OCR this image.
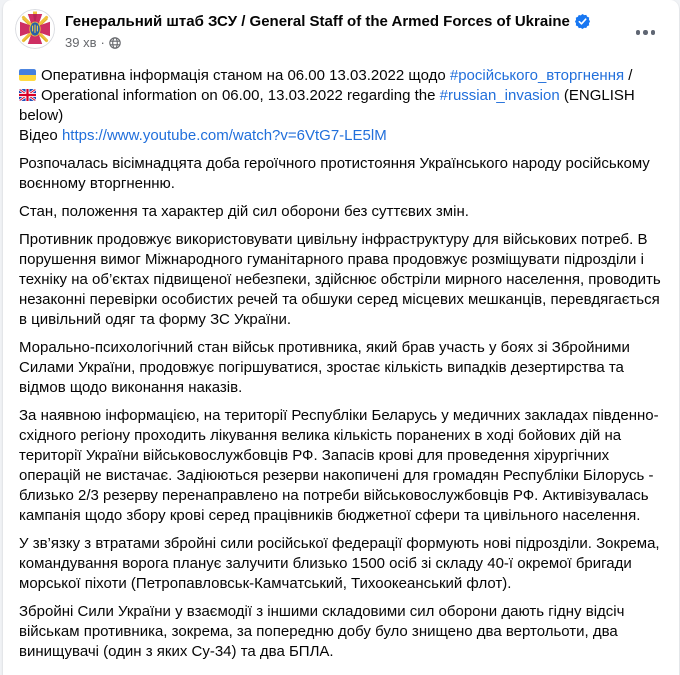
Генеральний штаб ЗСУ / General Staff of the Armed Forces of Ukraine
39 хв ·

Оперативна інформація станом на 06.00 13.03.2022 щодо #російського_вторгнення /

Operational information on 06.00, 13.03.2022 regarding the #russian_invasion (ENGLISH below)
Відео https://www.youtube.com/watch?v=6VtG7-LE5lM

Розпочалась вісімнадцята доба героїчного протистояння Українського народу російському воєнному вторгненню.

Стан, положення та характер дій сил оборони без суттєвих змін.

Противник продовжує використовувати цивільну інфраструктуру для військових потреб. В порушення вимог Міжнародного гуманітарного права продовжує розміщувати підрозділи і техніку на об’єктах підвищеної небезпеки, здійснює обстріли мирного населення, проводить незаконні перевірки особистих речей та обшуки серед місцевих мешканців, перевдягається в цивільний одяг та форму ЗС України.

Морально-психологічний стан військ противника, який брав участь у боях зі Збройними Силами України, продовжує погіршуватися, зростає кількість випадків дезертирства та відмов щодо виконання наказів.

За наявною інформацією, на території Республіки Беларусь у медичних закладах південно-східного регіону проходить лікування велика кількість поранених в ході бойових дій на території України військовослужбовців РФ. Запасів крові для проведення хірургічних операцій не вистачає. Задіюються резерви накопичені для громадян Республіки Білорусь - близько 2/3 резерву перенаправлено на потреби військовослужбовців РФ. Активізувалась кампанія щодо збору крові серед працівників бюджетної сфери та цивільного населення.

У зв’язку з втратами збройні сили російської федерації формують нові підрозділи. Зокрема, командування ворога планує залучити близько 1500 осіб зі складу 40-ї окремої бригади морської піхоти (Петропавловськ-Камчатський, Тихоокеанський флот).

Збройні Сили України у взаємодії з іншими складовими сил оборони дають гідну відсіч військам противника, зокрема, за попередню добу було знищено два вертольоти, два винищувачі (один з яких Су-34) та два БПЛА.
